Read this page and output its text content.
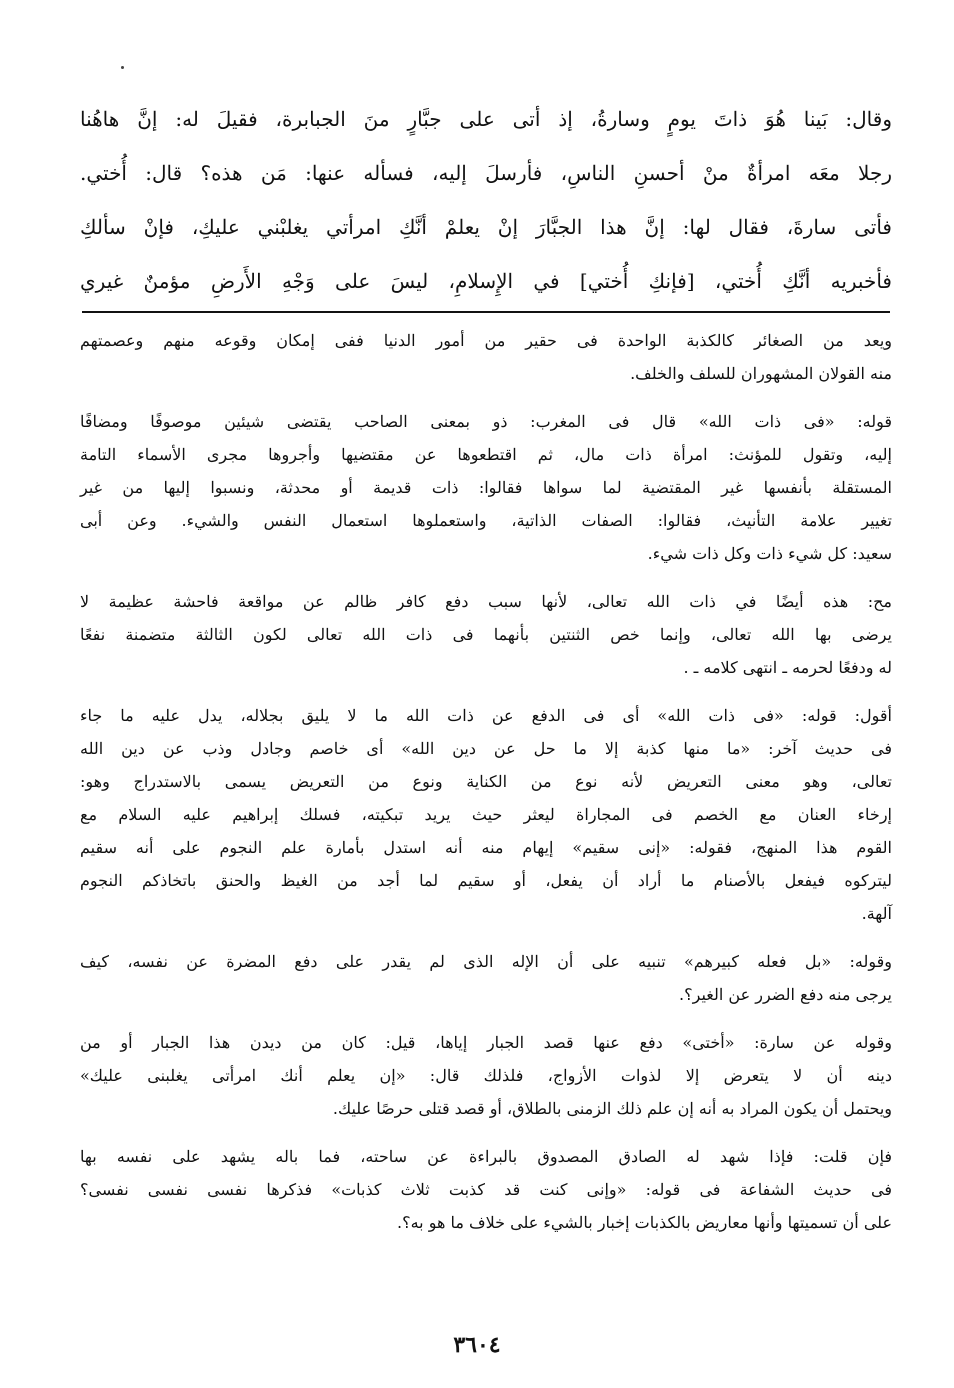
وقال: بَينا هُوَ ذاتَ يومٍ وسارةُ، إذ أتى على جبَّارٍ منَ الجبابرة، فقيلَ له: إنَّ هاهُنا
رجلا معَه امرأةٌ منْ أحسنِ الناسِ، فأرسلَ إليه، فسأله عنها: مَن هذه؟ قال: أُختي.
فأتى سارةَ، فقال لها: إنَّ هذا الجبَّارَ إنْ يعلمْ أنَّكِ امرأتي يغلبْني عليكِ، فإنْ سألكِ
فأخبريه أنَّكِ أُختي، [فإنكِ أُختي] في الإِسلامِ، ليسَ على وَجْهِ الأَرضِ مؤمنٌ غيري
ويعد من الصغائر كالكذبة الواحدة فى حقير من أمور الدنيا ففى إمكان وقوعه منهم وعصمتهم
منه القولان المشهوران للسلف والخلف.
قوله: «فى ذات الله» قال فى المغرب: ذو بمعنى الصاحب يقتضى شيئين موصوفًا ومضافًا
إليه، وتقول للمؤنث: امرأة ذات مال، ثم اقتطعوها عن مقتضيها وأجروها مجرى الأسماء التامة
المستقلة بأنفسها غير المقتضية لما سواها فقالوا: ذات قديمة أو محدثة، ونسبوا إليها من غير
تغيير علامة التأنيث، فقالوا: الصفات الذاتية، واستعملوها استعمال النفس والشيء. وعن أبى
سعيد: كل شيء ذات وكل ذات شيء.
مح: هذه أيضًا في ذات الله تعالى، لأنها سبب دفع كافر ظالم عن مواقعة فاحشة عظيمة لا
يرضى بها الله تعالى، وإنما خص الثنتين بأنهما فى ذات الله تعالى لكون الثالثة متضمنة نفعًا
له ودفعًا لحرمه ـ انتهى كلامه ـ .
أقول: قوله: «فى ذات الله» أى فى الدفع عن ذات الله ما لا يليق بجلاله، يدل عليه ما جاء
فى حديث آخر: «ما منها كذبة إلا ما حل عن دين الله» أى خاصم وجادل وذب عن دين الله
تعالى، وهو معنى التعريض لأنه نوع من الكناية ونوع من التعريض يسمى بالاستدراج وهو:
إرخاء العنان مع الخصم فى المجاراة ليعثر حيث يريد تبكيته، فسلك إبراهيم عليه السلام مع
القوم هذا المنهج، فقوله: «إنى سقيم» إيهام منه أنه استدل بأمارة علم النجوم على أنه سقيم
ليتركوه فيفعل بالأصنام ما أراد أن يفعل، أو سقيم لما أجد من الغيظ والحنق باتخاذكم النجوم
آلهة.
وقوله: «بل فعله كبيرهم» تنبيه على أن الإله الذى لم يقدر على دفع المضرة عن نفسه، كيف
يرجى منه دفع الضرر عن الغير؟.
وقوله عن سارة: «أختى» دفع عنها قصد الجبار إياها، قيل: كان من ديدن هذا الجبار أو من
دينه أن لا يتعرض إلا لذوات الأزواج، فلذلك قال: «إن يعلم أنك امرأتى يغلبنى عليك»
ويحتمل أن يكون المراد به أنه إن علم ذلك الزمنى بالطلاق، أو قصد قتلى حرصًا عليك.
فإن قلت: فإذا شهد له الصادق المصدوق بالبراءة عن ساحته، فما باله يشهد على نفسه بها
فى حديث الشفاعة فى قوله: «وإنى كنت قد كذبت ثلاث كذبات» فذكرها نفسى نفسى نفسى؟
على أن تسميتها وأنها معاريض بالكذبات إخبار بالشيء على خلاف ما هو به؟.
٣٦٠٤
